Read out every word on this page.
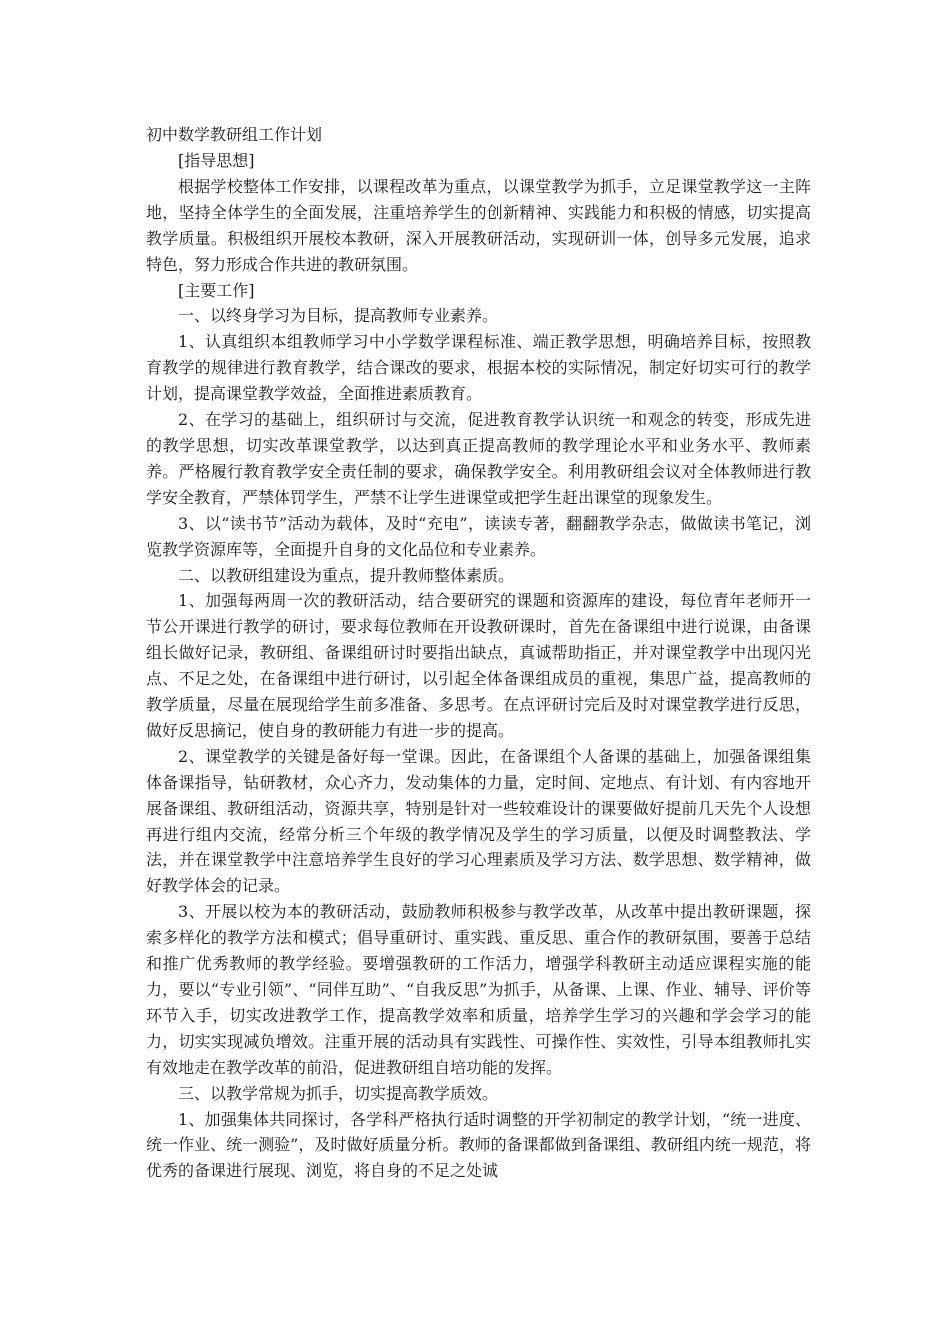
初中数学教研组工作计划

[指导思想]

根据学校整体工作安排，以课程改革为重点，以课堂教学为抓手，立足课堂教学这一主阵地，坚持全体学生的全面发展，注重培养学生的创新精神、实践能力和积极的情感，切实提高教学质量。积极组织开展校本教研，深入开展教研活动，实现研训一体，创导多元发展，追求特色，努力形成合作共进的教研氛围。

[主要工作]

一、以终身学习为目标，提高教师专业素养。

1、认真组织本组教师学习中小学数学课程标准、端正教学思想，明确培养目标，按照教育教学的规律进行教育教学，结合课改的要求，根据本校的实际情况，制定好切实可行的教学计划，提高课堂教学效益，全面推进素质教育。

2、在学习的基础上，组织研讨与交流，促进教育教学认识统一和观念的转变，形成先进的教学思想，切实改革课堂教学，以达到真正提高教师的教学理论水平和业务水平、教师素养。严格履行教育教学安全责任制的要求，确保教学安全。利用教研组会议对全体教师进行教学安全教育，严禁体罚学生，严禁不让学生进课堂或把学生赶出课堂的现象发生。

3、以“读书节”活动为载体，及时“充电”，读读专著，翻翻教学杂志，做做读书笔记，浏览教学资源库等，全面提升自身的文化品位和专业素养。

二、以教研组建设为重点，提升教师整体素质。

1、加强每两周一次的教研活动，结合要研究的课题和资源库的建设，每位青年老师开一节公开课进行教学的研讨，要求每位教师在开设教研课时，首先在备课组中进行说课，由备课组长做好记录，教研组、备课组研讨时要指出缺点，真诚帮助指正，并对课堂教学中出现闪光点、不足之处，在备课组中进行研讨，以引起全体备课组成员的重视，集思广益，提高教师的教学质量，尽量在展现给学生前多准备、多思考。在点评研讨完后及时对课堂教学进行反思，做好反思摘记，使自身的教研能力有进一步的提高。

2、课堂教学的关键是备好每一堂课。因此，在备课组个人备课的基础上，加强备课组集体备课指导，钻研教材，众心齐力，发动集体的力量，定时间、定地点、有计划、有内容地开展备课组、教研组活动，资源共享，特别是针对一些较难设计的课要做好提前几天先个人设想再进行组内交流，经常分析三个年级的教学情况及学生的学习质量，以便及时调整教法、学法，并在课堂教学中注意培养学生良好的学习心理素质及学习方法、数学思想、数学精神，做好教学体会的记录。

3、开展以校为本的教研活动，鼓励教师积极参与教学改革，从改革中提出教研课题，探索多样化的教学方法和模式；倡导重研讨、重实践、重反思、重合作的教研氛围，要善于总结和推广优秀教师的教学经验。要增强教研的工作活力，增强学科教研主动适应课程实施的能力，要以“专业引领”、“同伴互助”、“自我反思”为抓手，从备课、上课、作业、辅导、评价等环节入手，切实改进教学工作，提高教学效率和质量，培养学生学习的兴趣和学会学习的能力，切实实现减负增效。注重开展的活动具有实践性、可操作性、实效性，引导本组教师扎实有效地走在教学改革的前沿，促进教研组自培功能的发挥。

三、以教学常规为抓手，切实提高教学质效。

1、加强集体共同探讨，各学科严格执行适时调整的开学初制定的教学计划，“统一进度、统一作业、统一测验”，及时做好质量分析。教师的备课都做到备课组、教研组内统一规范，将优秀的备课进行展现、浏览，将自身的不足之处诚
